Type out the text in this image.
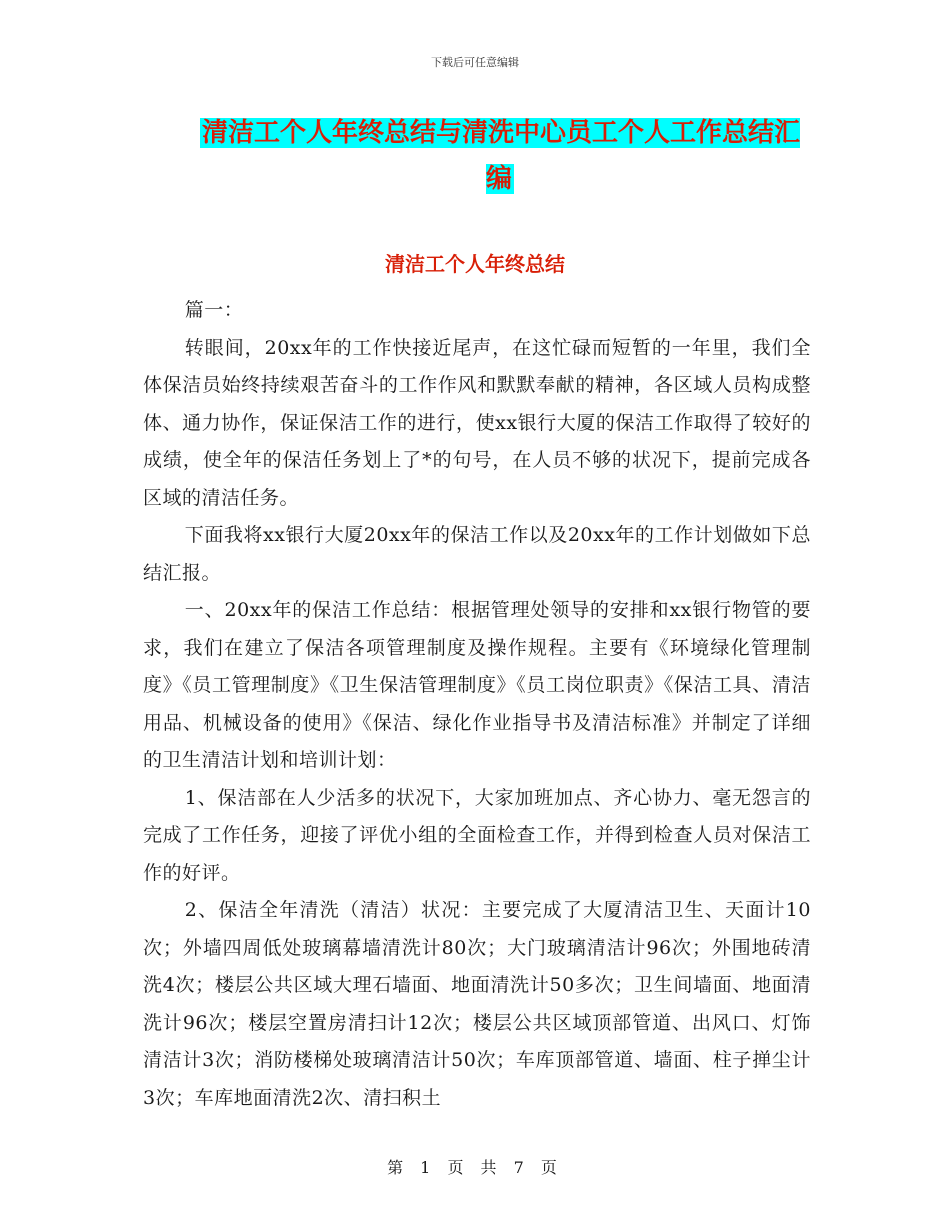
下载后可任意编辑
清洁工个人年终总结与清洗中心员工个人工作总结汇编
清洁工个人年终总结

篇一：

转眼间，20xx年的工作快接近尾声，在这忙碌而短暂的一年里，我们全体保洁员始终持续艰苦奋斗的工作作风和默默奉献的精神，各区域人员构成整体、通力协作，保证保洁工作的进行，使xx银行大厦的保洁工作取得了较好的成绩，使全年的保洁任务划上了*的句号，在人员不够的状况下，提前完成各区域的清洁任务。

下面我将xx银行大厦20xx年的保洁工作以及20xx年的工作计划做如下总结汇报。

一、20xx年的保洁工作总结：根据管理处领导的安排和xx银行物管的要求，我们在建立了保洁各项管理制度及操作规程。主要有《环境绿化管理制度》《员工管理制度》《卫生保洁管理制度》《员工岗位职责》《保洁工具、清洁用品、机械设备的使用》《保洁、绿化作业指导书及清洁标准》并制定了详细的卫生清洁计划和培训计划：

1、保洁部在人少活多的状况下，大家加班加点、齐心协力、毫无怨言的完成了工作任务，迎接了评优小组的全面检查工作，并得到检查人员对保洁工作的好评。

2、保洁全年清洗（清洁）状况：主要完成了大厦清洁卫生、天面计10次；外墙四周低处玻璃幕墙清洗计80次；大门玻璃清洁计96次；外围地砖清洗4次；楼层公共区域大理石墙面、地面清洗计50多次；卫生间墙面、地面清洗计96次；楼层空置房清扫计12次；楼层公共区域顶部管道、出风口、灯饰清洁计3次；消防楼梯处玻璃清洁计50次；车库顶部管道、墙面、柱子掸尘计3次；车库地面清洗2次、清扫积土

第 1 页 共 7 页
